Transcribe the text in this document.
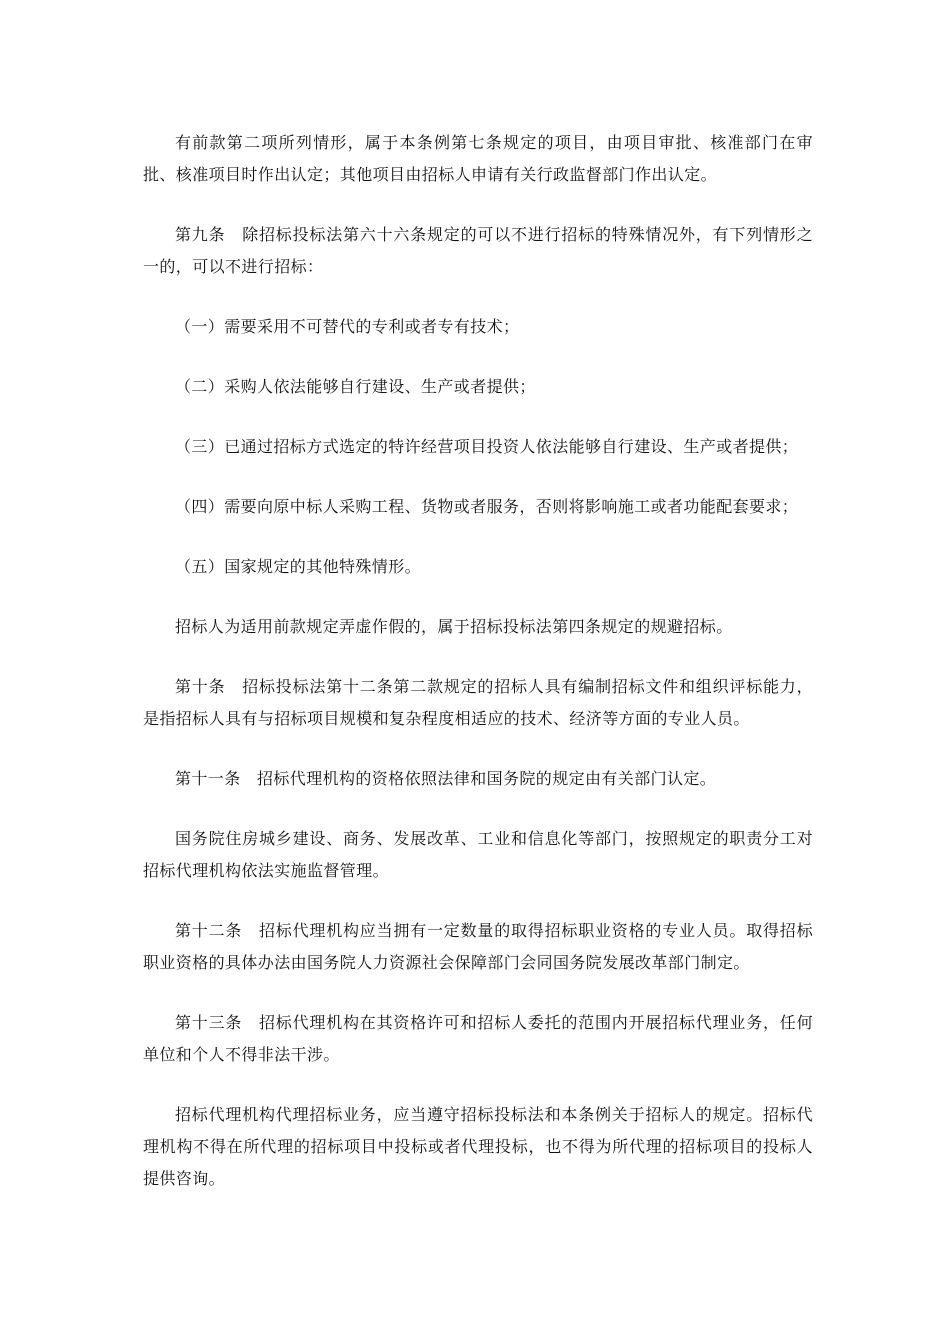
有前款第二项所列情形，属于本条例第七条规定的项目，由项目审批、核准部门在审批、核准项目时作出认定；其他项目由招标人申请有关行政监督部门作出认定。

第九条　除招标投标法第六十六条规定的可以不进行招标的特殊情况外，有下列情形之一的，可以不进行招标：

（一）需要采用不可替代的专利或者专有技术；

（二）采购人依法能够自行建设、生产或者提供；

（三）已通过招标方式选定的特许经营项目投资人依法能够自行建设、生产或者提供；

（四）需要向原中标人采购工程、货物或者服务，否则将影响施工或者功能配套要求；

（五）国家规定的其他特殊情形。

招标人为适用前款规定弄虚作假的，属于招标投标法第四条规定的规避招标。

第十条　招标投标法第十二条第二款规定的招标人具有编制招标文件和组织评标能力，是指招标人具有与招标项目规模和复杂程度相适应的技术、经济等方面的专业人员。

第十一条　招标代理机构的资格依照法律和国务院的规定由有关部门认定。

国务院住房城乡建设、商务、发展改革、工业和信息化等部门，按照规定的职责分工对招标代理机构依法实施监督管理。

第十二条　招标代理机构应当拥有一定数量的取得招标职业资格的专业人员。取得招标职业资格的具体办法由国务院人力资源社会保障部门会同国务院发展改革部门制定。

第十三条　招标代理机构在其资格许可和招标人委托的范围内开展招标代理业务，任何单位和个人不得非法干涉。

招标代理机构代理招标业务，应当遵守招标投标法和本条例关于招标人的规定。招标代理机构不得在所代理的招标项目中投标或者代理投标，也不得为所代理的招标项目的投标人提供咨询。
